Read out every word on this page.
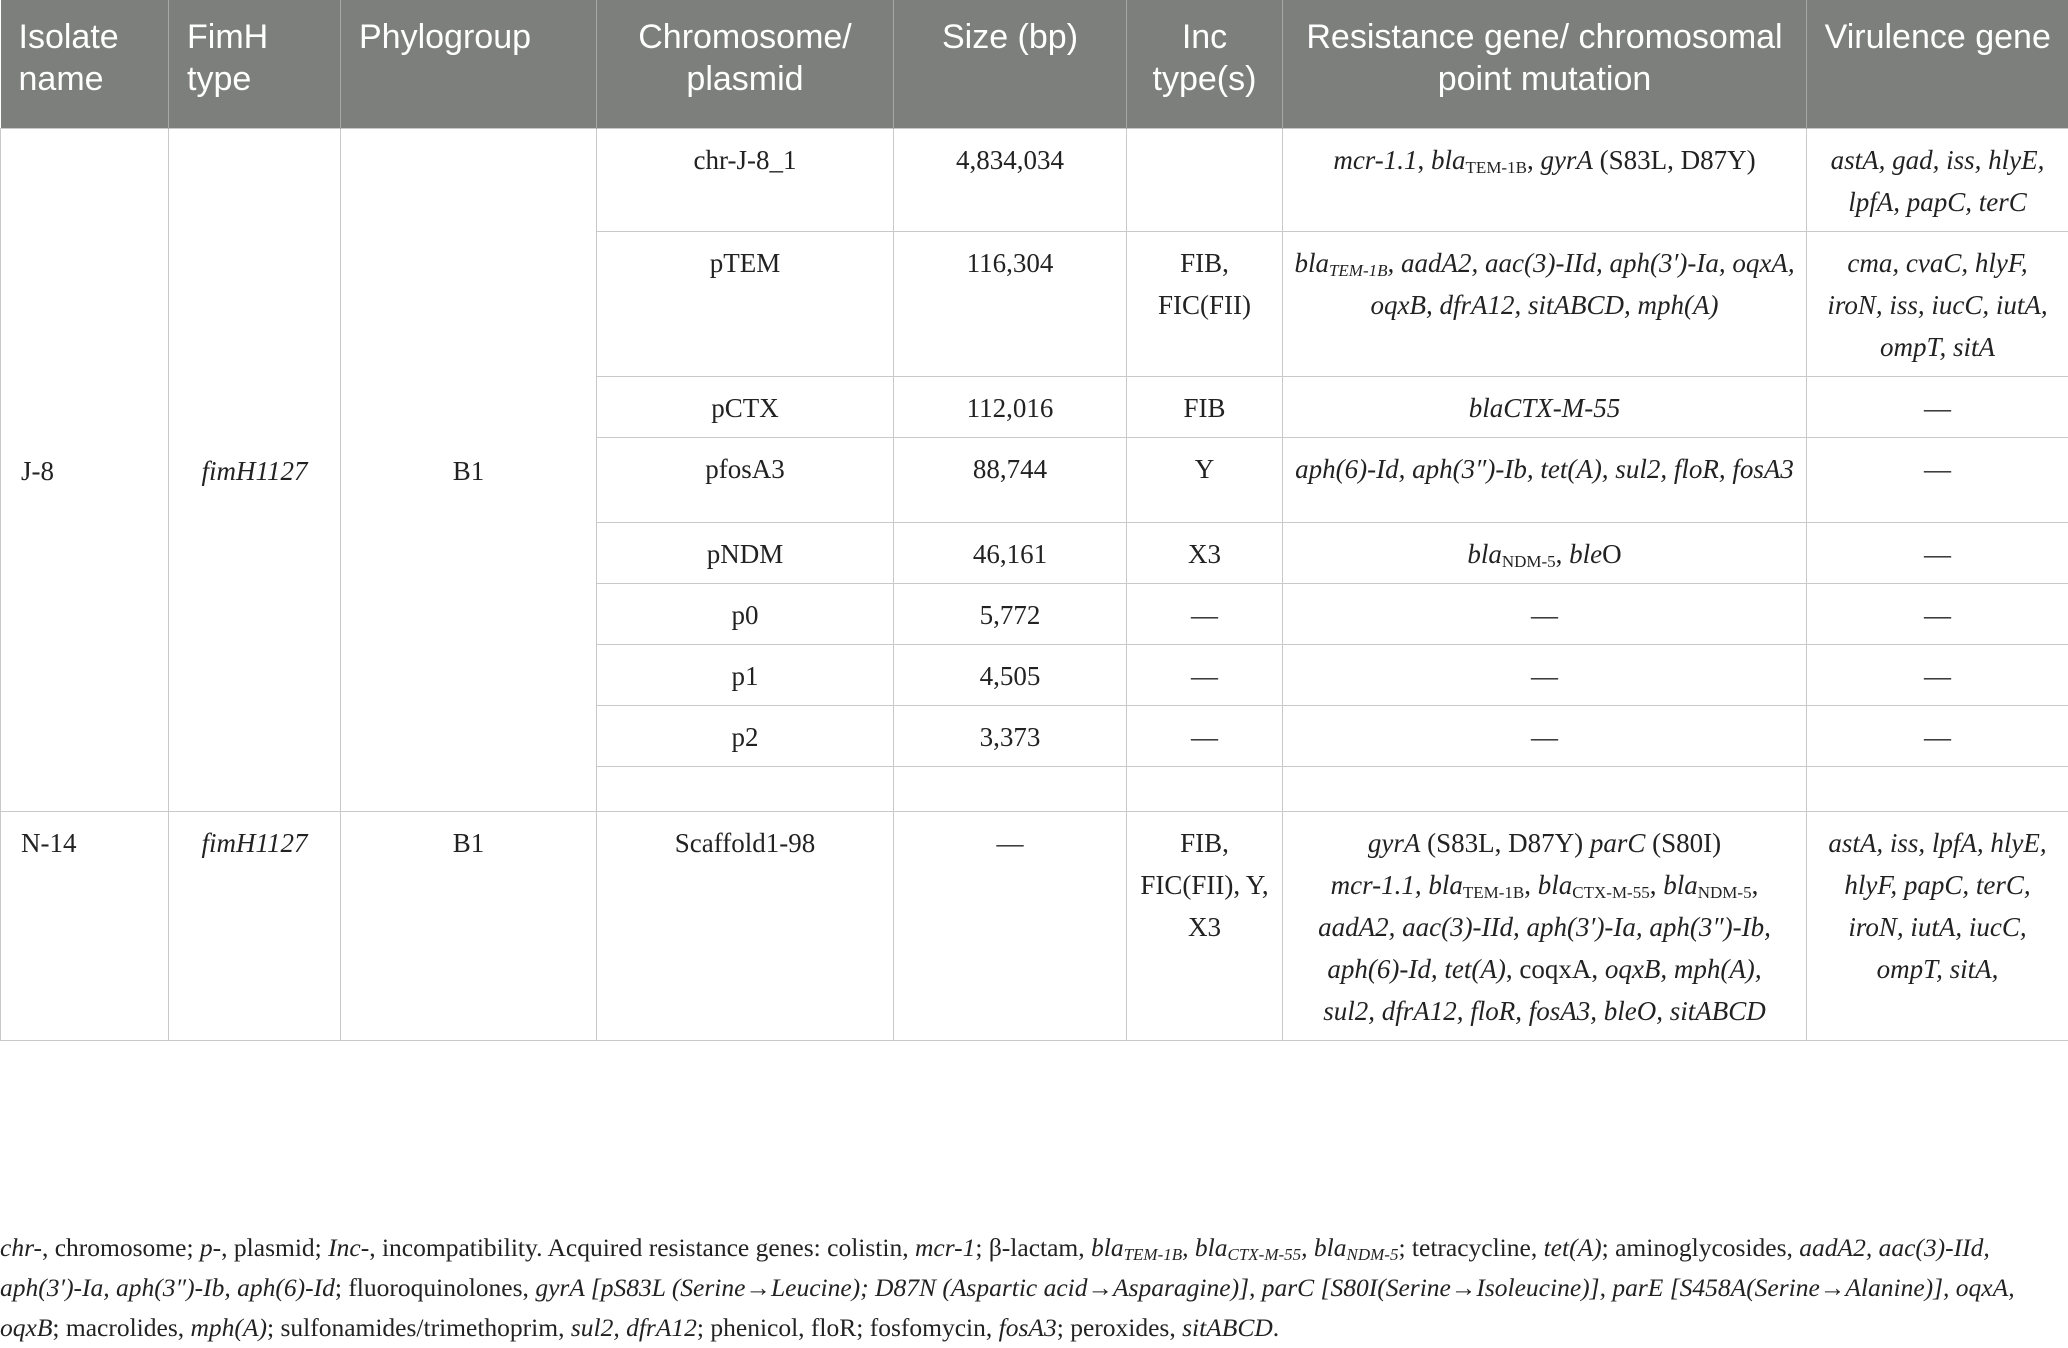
Isolate name	FimH type	Phylogroup	Chromosome/ plasmid	Size (bp)	Inc type(s)	Resistance gene/ chromosomal point mutation	Virulence gene
J-8	fimH1127	B1	chr-J-8_1	4,834,034		mcr-1.1, bla$_{TEM-1B}$, gyrA (S83L, D87Y)	astA, gad, iss, hlyE, lpfA, papC, terC
			pTEM	116,304	FIB, FIC(FII)	bla$_{TEM-1B}$, aadA2, aac(3)-IId, aph(3′)-Ia, oqxA, oqxB, dfrA12, sitABCD, mph(A)	cma, cvaC, hlyF, iroN, iss, iucC, iutA, ompT, sitA
			pCTX	112,016	FIB	blaCTX-M-55	—
			pfosA3	88,744	Y	aph(6)-Id, aph(3″)-Ib, tet(A), sul2, floR, fosA3	—
			pNDM	46,161	X3	bla$_{NDM-5}$, bleO	—
			p0	5,772	—	—	—
			p1	4,505	—	—	—
			p2	3,373	—	—	—

N-14	fimH1127	B1	Scaffold1-98	—	FIB, FIC(FII), Y, X3	gyrA (S83L, D87Y) parC (S80I)
mcr-1.1, bla$_{TEM-1B}$, bla$_{CTX-M-55}$, bla$_{NDM-5}$,
aadA2, aac(3)-IId, aph(3′)-Ia, aph(3″)-Ib,
aph(6)-Id, tet(A), coqxA, oqxB, mph(A),
sul2, dfrA12, floR, fosA3, bleO, sitABCD	astA, iss, lpfA, hlyE, hlyF, papC, terC, iroN, iutA, iucC, ompT, sitA,
chr-, chromosome; p-, plasmid; Inc-, incompatibility. Acquired resistance genes: colistin, mcr-1; β-lactam, bla$_{TEM-1B}$, bla$_{CTX-M-55}$, bla$_{NDM-5}$; tetracycline, tet(A); aminoglycosides, aadA2, aac(3)-IId, aph(3′)-Ia, aph(3″)-Ib, aph(6)-Id; fluoroquinolones, gyrA [pS83L (Serine→Leucine); D87N (Aspartic acid→Asparagine)], parC [S80I(Serine→Isoleucine)], parE [S458A(Serine→Alanine)], oqxA, oqxB; macrolides, mph(A); sulfonamides/trimethoprim, sul2, dfrA12; phenicol, floR; fosfomycin, fosA3; peroxides, sitABCD.
